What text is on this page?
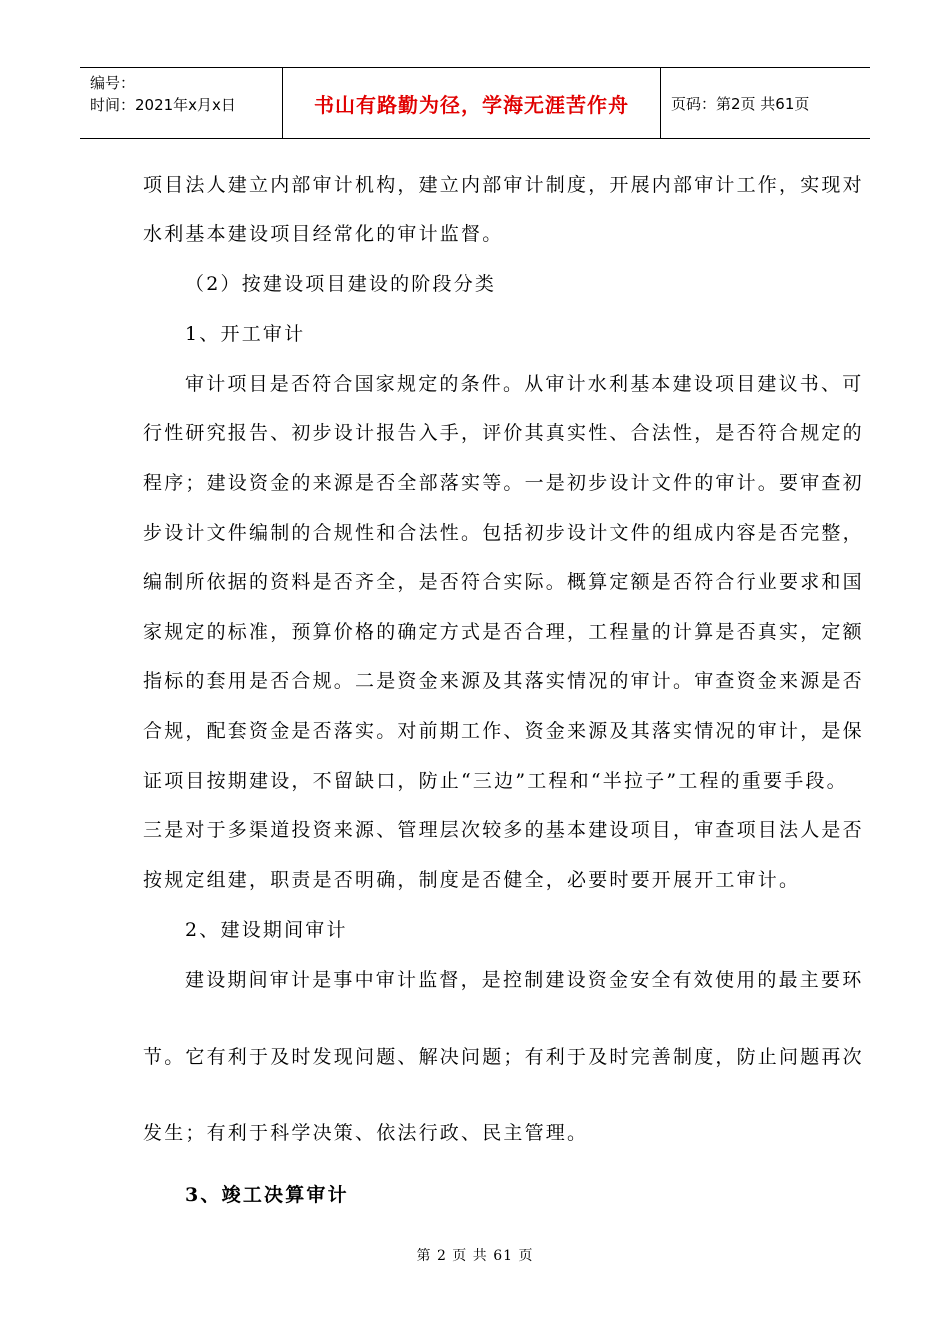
编号：
时间：2021年x月x日	书山有路勤为径，学海无涯苦作舟	页码：第2页 共61页
项目法人建立内部审计机构，建立内部审计制度，开展内部审计工作，实现对
水利基本建设项目经常化的审计监督。
（2）按建设项目建设的阶段分类
1、开工审计
审计项目是否符合国家规定的条件。从审计水利基本建设项目建议书、可
行性研究报告、初步设计报告入手，评价其真实性、合法性，是否符合规定的
程序；建设资金的来源是否全部落实等。一是初步设计文件的审计。要审查初
步设计文件编制的合规性和合法性。包括初步设计文件的组成内容是否完整，
编制所依据的资料是否齐全，是否符合实际。概算定额是否符合行业要求和国
家规定的标准，预算价格的确定方式是否合理，工程量的计算是否真实，定额
指标的套用是否合规。二是资金来源及其落实情况的审计。审查资金来源是否
合规，配套资金是否落实。对前期工作、资金来源及其落实情况的审计，是保
证项目按期建设，不留缺口，防止“三边”工程和“半拉子”工程的重要手段。
三是对于多渠道投资来源、管理层次较多的基本建设项目，审查项目法人是否
按规定组建，职责是否明确，制度是否健全，必要时要开展开工审计。
2、建设期间审计
建设期间审计是事中审计监督，是控制建设资金安全有效使用的最主要环
节。它有利于及时发现问题、解决问题；有利于及时完善制度，防止问题再次
发生；有利于科学决策、依法行政、民主管理。
3、竣工决算审计
第 2 页 共 61 页
